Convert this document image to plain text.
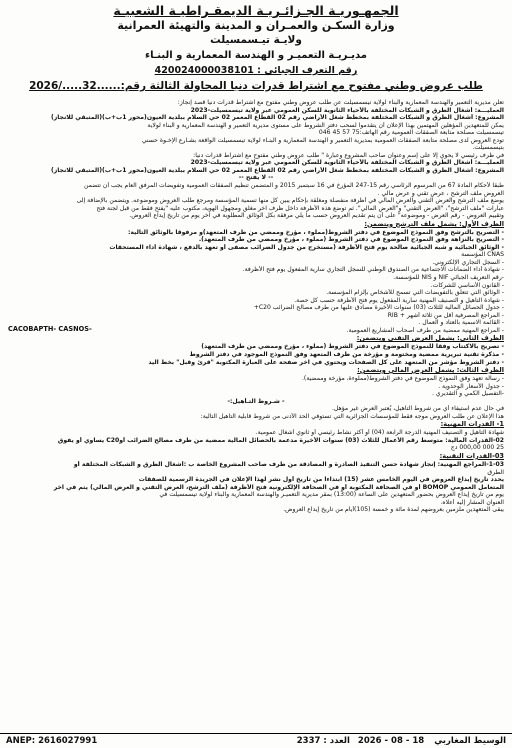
الجمهـوريـة الجـزائـريـة الديمقـراطيـة الشعبيـة
وزارة السكـن والعمـران و المدينة والتهيئة العمرانية
ولايـة تيـسمسيلت
مديـريـة التعميـر و الهندسة المعمارية و البنـاء
رقم التعرف الجبائي : 420024000038101
طلب عروض وطني مفتوح مع اشتراط قدرات دنيا المحاولة الثالثة رقم:......32...../2026
تعلن مديرية التعمير والهندسة المعمارية والبناء لولاية تيسمسيلت عن طلب عروض وطني مفتوح مع اشتراط قدرات دنيا قصد إنجاز:
العمليـــة: أشغال الطرق و الشبكات المختلفة بالأحياء الثانوية للسكن العمومي عبر ولاية تيسمسيلت-2023
المشروع: أشغال الطرق و الشبكات المختلفة بمخطط شغل الأراضي رقم 02 القطاع المعمر 02 حي السلام ببلدية العيون(محور 1ب+ب)(المتبقي للانجاز)
يمكن للمتعهدين المؤهلين المهتمين بهذا الإعلان أن يتقدموا لسحب دفتر الشروط على مستوى مديرية التعمير و الهندسة المعمارية و البناء لولاية
تيسمسيلت مصلحة متابعة الصفقات العمومية رقم الهاتف:75 57 45 046
تودع العروض لدى مصلحة متابعة الصفقات العمومية بمديرية التعمير و الهندسة المعمارية و البنـاء لولاية تيسمسيلت الواقعة بشـارع الإخـوة حسني
بتيسمسيلت.
في ظرف رئيسي لا يحوي إلا على إسم وعنوان صاحب المشروع وعبارة " طلب عروض وطني مفتوح مع اشتراط قدرات دنيا:
العمليـــة: أشغال الطرق و الشبكات المختلفة بالأحياء الثانوية للسكن العمومي عبر ولاية تيسمسيلت-2023
المشروع: أشغال الطرق و الشبكات المختلفة بمخطط شغل الأراضي رقم 02 القطاع المعمر 02 حي السلام ببلدية العيون(محور 1ب+ب)(المتبقي للانجاز)
-- لا يفتح --
طبقا لأحكام المادة 67 من المرسوم الرئاسي رقم 15-247 المؤرخ في 16 سبتمبر 2015 و المتضمن تنظيم الصفقات العمومية وتفويضات المرفق العام يجب أن تتضمن
العروض ملف الترشح ، عرض تقني و عرض مالي .
يوضع ملف الترشح والعرض التقني والعرض المالي في أظرفة منفصلة ومغلقة بإحكام يبين كل منها تسمية المؤسسة ومرجع طلب العروض وموضوعه. ويتضمن بالإضافة إلى
عبارات "ملف الترشح"، "العرض التقني" و"العرض المالي". ثم توضع هذه الأظرفة داخل ظرف آخر مغلق ومجهول الهوية، مكتوب عليه "يفتح فقط من قبل لجنة فتح
وتقييم العروض - رقم العرض - وموضوعه" على أن يتم تقديم العروض حسب ما يلي مرفقة بكل الوثائق المطلوبة في آخر يوم من تاريخ إيداع العروض.
الظرف الأول: يشمل ملف الترشح ويتضمن:
- التصريح بالترشح وفق النموذج الموضوع في دفتر الشروط(مملوء ، مؤرخ وممضي من طرف المتعهد)و مرفوقا بالوثائق التالية:
- التصريح بالنزاهة وفق النموذج الموضوع في دفتر الشروط (مملوء ، مؤرخ وممضي من طرف المتعهد).
- الوثائق الجبائية و شبه الجبائية صالحة يوم فتح الأظرفة (مستخرج من جدول الضرائب مصفى أو تعهد بالدفع ، شهادة أداء المستحقات
CNAS المؤسسة
- السجل التجاري الإلكتروني.
- شهادة أداء الضمانات الاجتماعية من الصندوق الوطني للسجل التجاري سارية المفعول يوم فتح الأظرفة.
-رقم التعريف الجبائي NIF و NIS للمؤسسة.
- القانون الأساسي للشركات.
- الوثائق التي تتعلق بالتفويضات التي تسمح للأشخاص بإلزام المؤسسة.
- شهادة التأهيل و التصنيف المهنية سارية المفعول يوم فتح الأظرفة حسب كل حصة.
- جدول الحصائل المالية للثلاث (03) سنوات الأخيرة مصادق عليها من طرف مصالح الضرائب C20+
- المراجع المصرفية أقل من ثلاثة أشهر + RIB
- القائمة الاسمية بالعتاد و العمال .
- المراجع المهنية ممضية من طرف أصحاب المشاريع العمومية.
الظرف الثاني: يشمل العرض التقني ويتضمن:
- تصريح بالاكتتاب وفقا للنموذج الموضوع في دفتر الشروط (مملوء ، مؤرخ وممضي من طرف المتعهد)
- مذكرة تقنية تبريرية ممضية ومختومة و مؤرخة من طرف المتعهد وفق النموذج الموجود في دفتر الشروط
- دفتر الشروط مؤشر من المتعهد على كل الصفحات ويحتوي في آخر صفحة على العبارة المكتوبة "قرئ وقبل" بخط اليد
الظرف الثالث: يشمل العرض المالي ويتضمن:
- رسالة تعهد وفق النموذج الموضوع في دفتر الشروط(مملوءة، مؤرخة وممضية).
- جدول الأسعار الوحدوية .
-التفصيل الكمي و التقديري .
- شـروط التـأهيل:-
في حال عدم استيفاء أي من شروط التأهيل، يُعتبر العرض غير مؤهل.
هذا الإعلان عن طلب العروض موجه فقط للمؤسسات الجزائرية التي تستوفي الحد الأدنى من شروط قابلية التأهيل التالية:
1- القدرات المهنية:
شهادة التأهيل و التصنيف المهنية الدرجة الرابعة (04) أو أكثر نشاط رئيسي أو ثانوي أشغال عمومية.
02-القدرات المالية: متوسط رقم الأعمال للثلاث (03) سنوات الأخيرة مدعمة بالحصائل المالية ممضية من طرف مصالح الضرائب أوC20 يساوي أو يفوق
25 000 000,00 دج
03-القدرات التقنية:
1-03-المراجع المهنية: إنجاز شهادة حسن التنفيذ الصادرة و المصادقة من طرف صاحب المشروع الخاصة ب :أشغال الطرق و الشبكات المختلفة أو
الطرق
يحدد تاريخ إيداع العروض في اليوم الخامس عشر (15) ابتداءا من تاريخ أول نشر لهذا الإعلان في الجريدة الرسمية للصفقات
المتعامل العمومي BOMOP أو في الصحافة المكتوبة أو في الصحافة الإلكترونية فتح الأظرفة (ملف الترشح، العرض التقني و العرض المالي) يتم في آخر
يوم من تاريخ إيداع العروض بحضور المتعهدين على الساعة (13:00) بمقر مديرية التعميـر والهندسة المعمارية والبناء لولاية تيسمسيلت في
العنوان المشار إليه أعلاه.
يبقى المتعهدين ملزمين بعروضهم لمدة مائة و خمسة (105)أيام من تاريخ إيداع العروض.
CACOBAPTH- CASNOS-
الوسيط المغاربي
18 - 08 - 2026
العدد : 2337
ANEP: 2616027991
